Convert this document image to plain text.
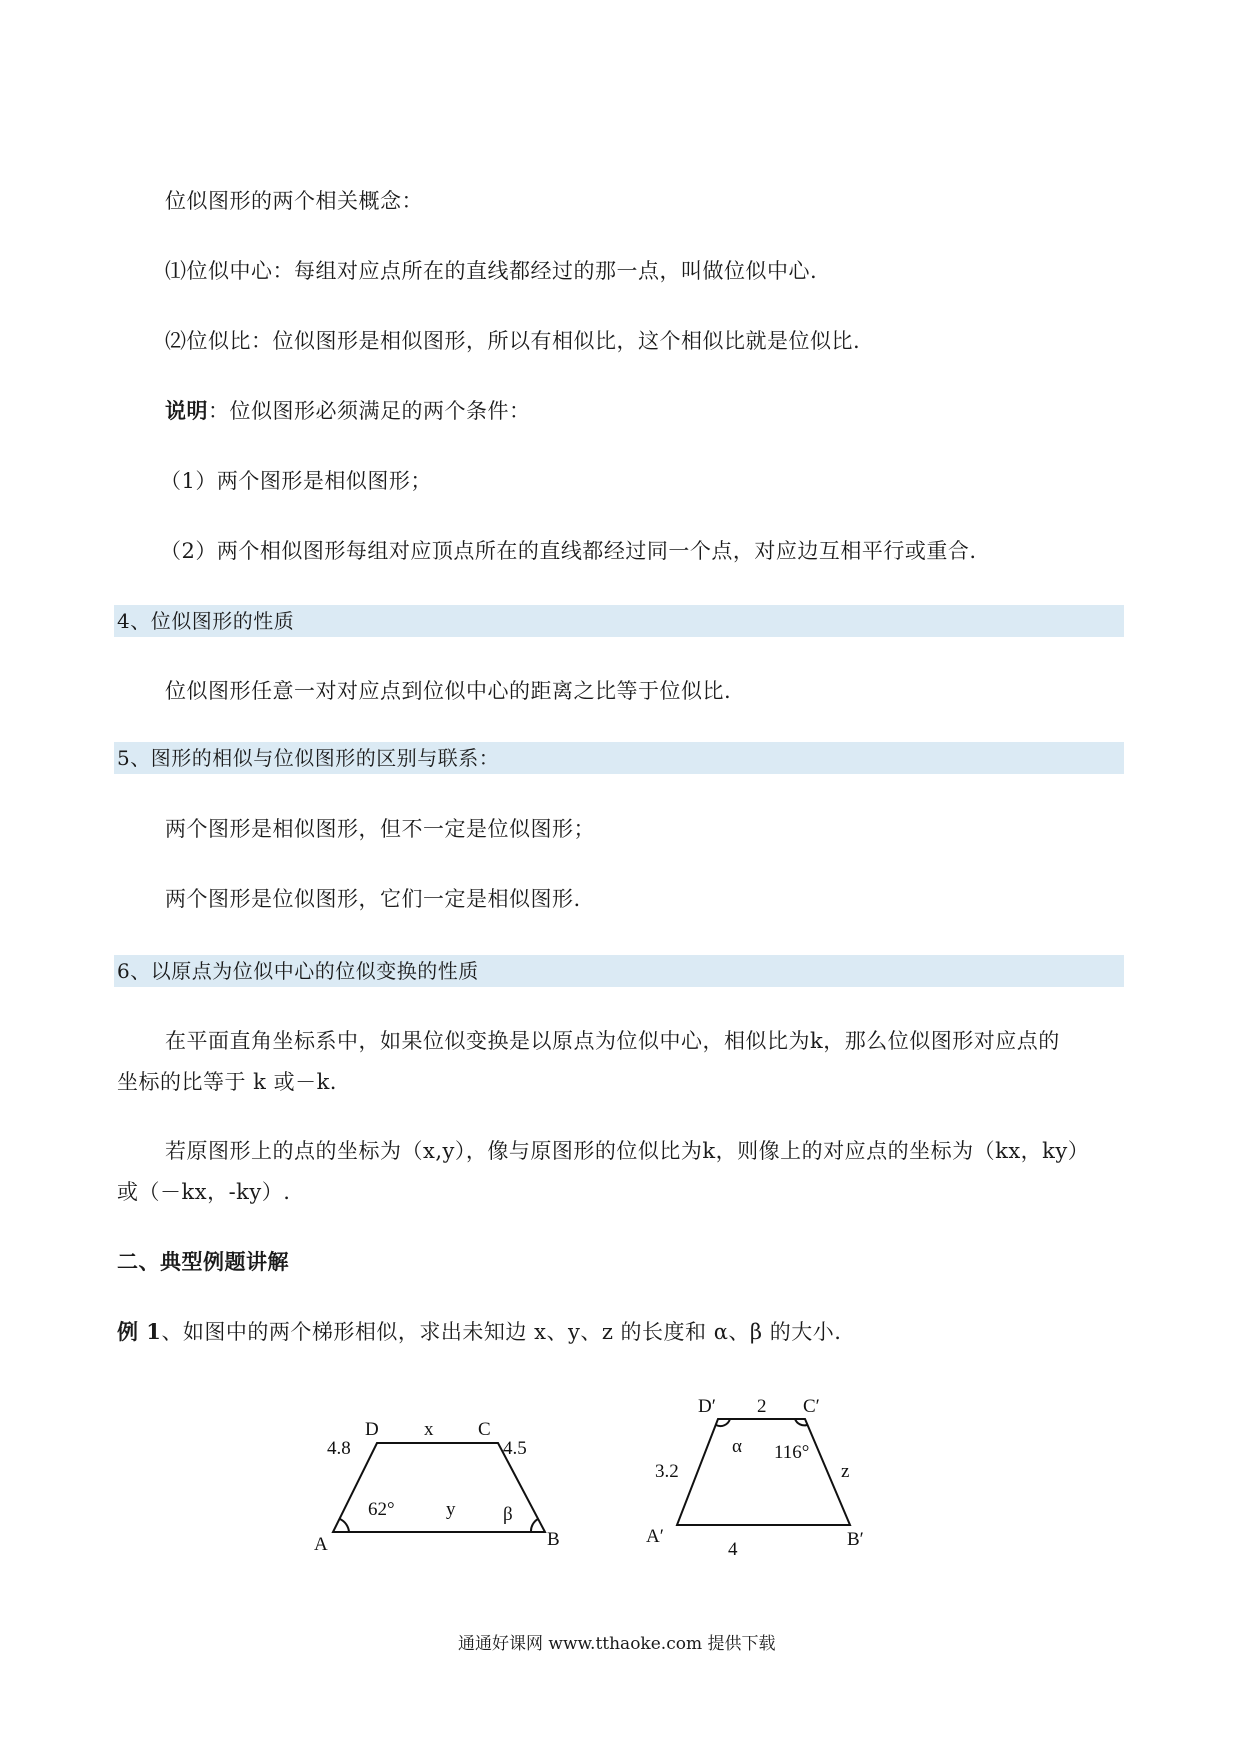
位似图形的两个相关概念：
⑴位似中心：每组对应点所在的直线都经过的那一点，叫做位似中心.
⑵位似比：位似图形是相似图形，所以有相似比，这个相似比就是位似比.
说明：位似图形必须满足的两个条件：
（1）两个图形是相似图形；
（2）两个相似图形每组对应顶点所在的直线都经过同一个点，对应边互相平行或重合.
4、位似图形的性质
位似图形任意一对对应点到位似中心的距离之比等于位似比.
5、图形的相似与位似图形的区别与联系：
两个图形是相似图形，但不一定是位似图形；
两个图形是位似图形，它们一定是相似图形.
6、以原点为位似中心的位似变换的性质
在平面直角坐标系中，如果位似变换是以原点为位似中心，相似比为k，那么位似图形对应点的
坐标的比等于 k 或－k.
若原图形上的点的坐标为（x,y），像与原图形的位似比为k，则像上的对应点的坐标为（kx，ky）
或（－kx，-ky）.
二、典型例题讲解
例 1、如图中的两个梯形相似，求出未知边 x、y、z 的长度和 α、β 的大小.
D x C
4.8	4.5
62°	y	β
A	B
D′ 2 C′
α 116°
3.2	z
A′	B′
4
通通好课网 www.tthaoke.com 提供下载
